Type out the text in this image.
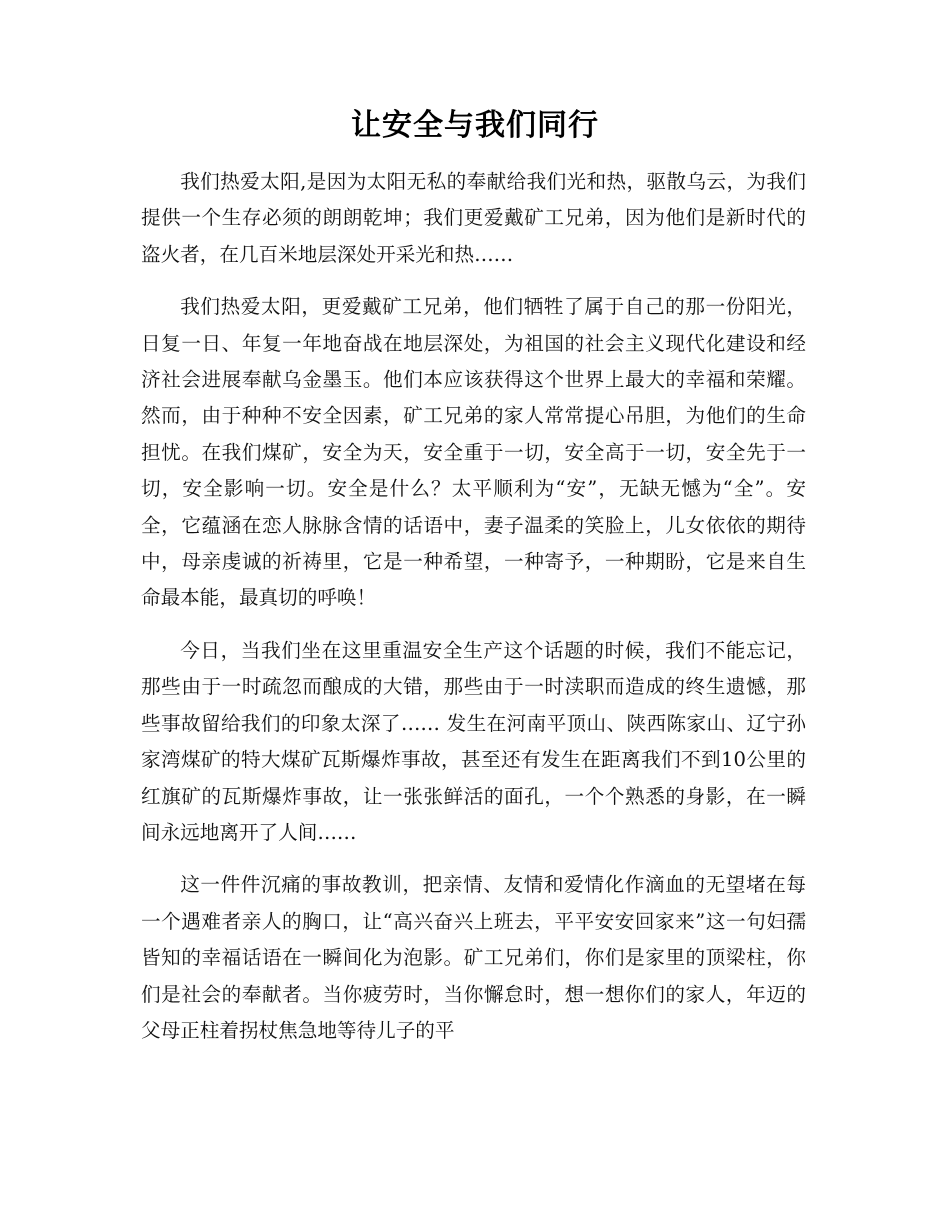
让安全与我们同行

我们热爱太阳,是因为太阳无私的奉献给我们光和热，驱散乌云，为我们提供一个生存必须的朗朗乾坤；我们更爱戴矿工兄弟，因为他们是新时代的盗火者，在几百米地层深处开采光和热……

我们热爱太阳，更爱戴矿工兄弟，他们牺牲了属于自己的那一份阳光，日复一日、年复一年地奋战在地层深处，为祖国的社会主义现代化建设和经济社会进展奉献乌金墨玉。他们本应该获得这个世界上最大的幸福和荣耀。然而，由于种种不安全因素，矿工兄弟的家人常常提心吊胆，为他们的生命担忧。在我们煤矿，安全为天，安全重于一切，安全高于一切，安全先于一切，安全影响一切。安全是什么？太平顺利为“安”，无缺无憾为“全”。安全，它蕴涵在恋人脉脉含情的话语中，妻子温柔的笑脸上，儿女依依的期待中，母亲虔诚的祈祷里，它是一种希望，一种寄予，一种期盼，它是来自生命最本能，最真切的呼唤！

今日，当我们坐在这里重温安全生产这个话题的时候，我们不能忘记，那些由于一时疏忽而酿成的大错，那些由于一时渎职而造成的终生遗憾，那些事故留给我们的印象太深了…… 发生在河南平顶山、陕西陈家山、辽宁孙家湾煤矿的特大煤矿瓦斯爆炸事故，甚至还有发生在距离我们不到10公里的红旗矿的瓦斯爆炸事故，让一张张鲜活的面孔，一个个熟悉的身影，在一瞬间永远地离开了人间……

这一件件沉痛的事故教训，把亲情、友情和爱情化作滴血的无望堵在每一个遇难者亲人的胸口，让“高兴奋兴上班去，平平安安回家来”这一句妇孺皆知的幸福话语在一瞬间化为泡影。矿工兄弟们，你们是家里的顶梁柱，你们是社会的奉献者。当你疲劳时，当你懈怠时，想一想你们的家人，年迈的父母正柱着拐杖焦急地等待儿子的平
